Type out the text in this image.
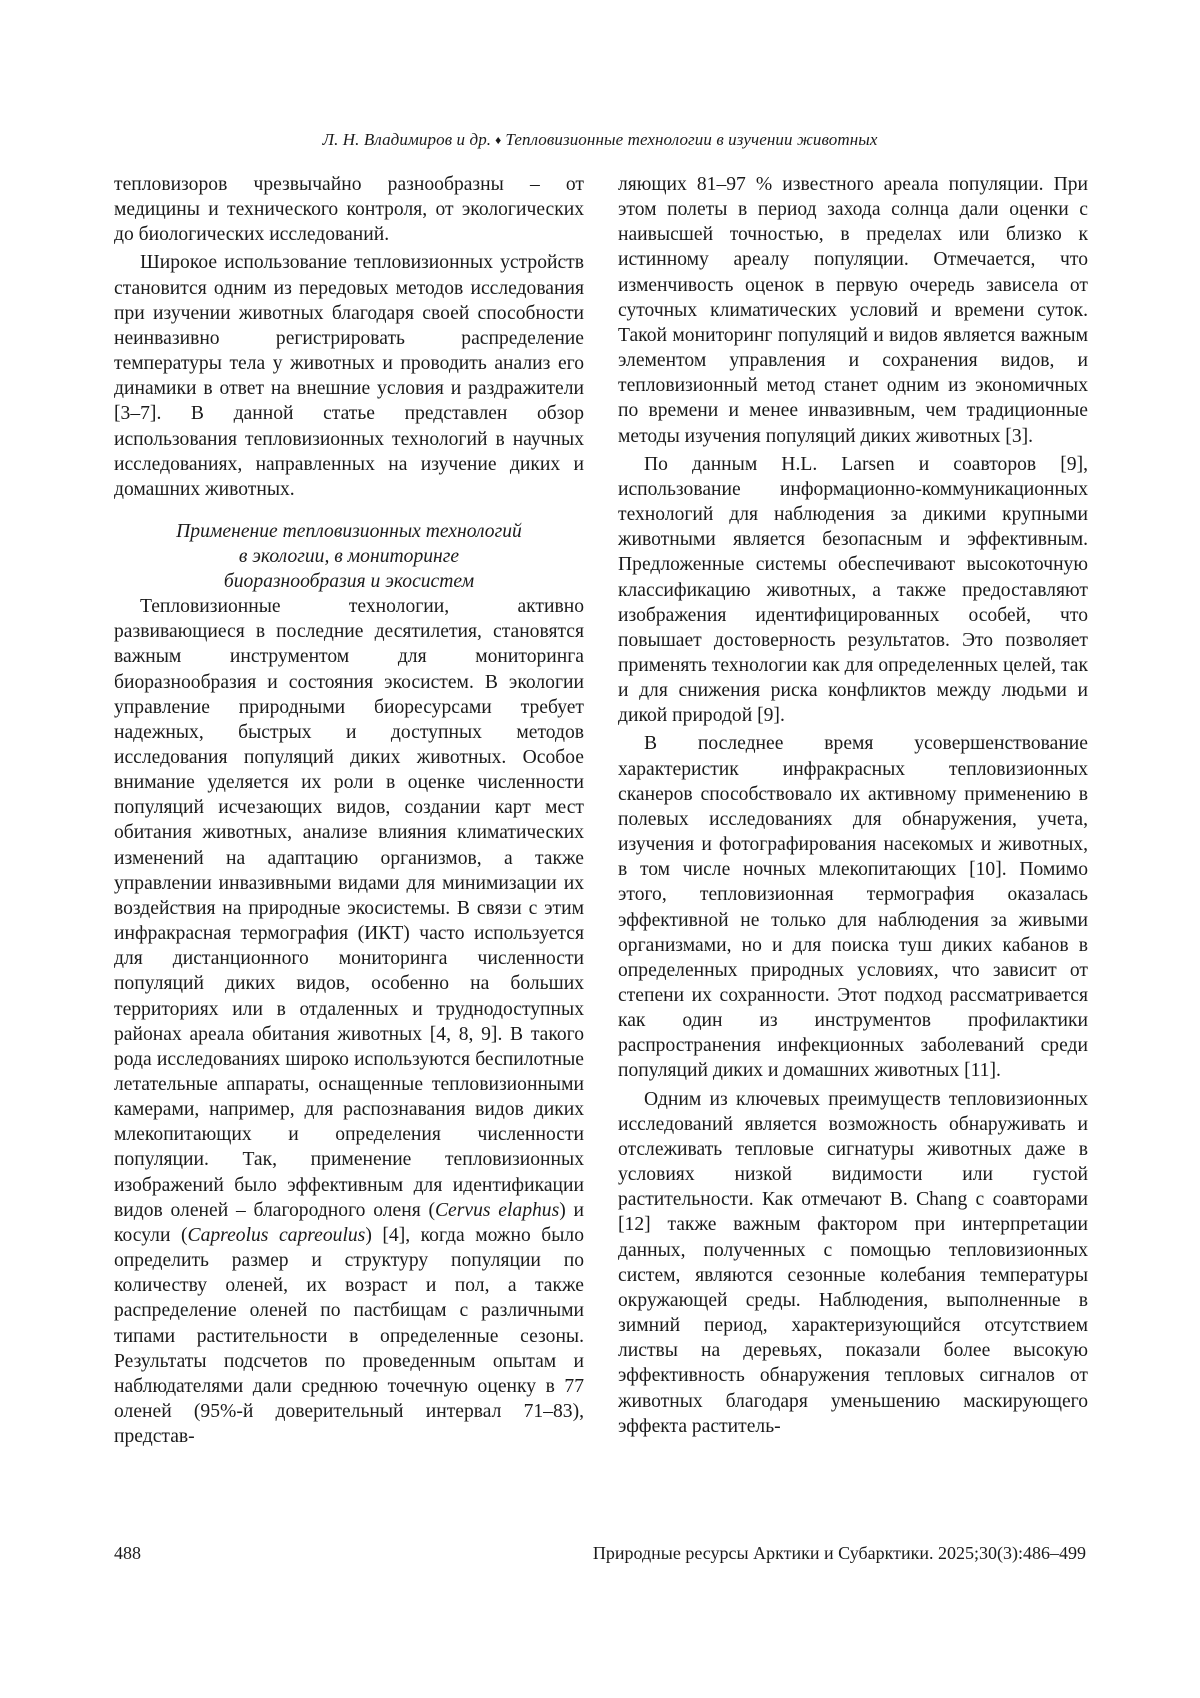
Л. Н. Владимиров и др. ♦ Тепловизионные технологии в изучении животных

тепловизоров чрезвычайно разнообразны – от медицины и технического контроля, от экологических до биологических исследований.

Широкое использование тепловизионных устройств становится одним из передовых методов исследования при изучении животных благодаря своей способности неинвазивно регистрировать распределение температуры тела у животных и проводить анализ его динамики в ответ на внешние условия и раздражители [3–7]. В данной статье представлен обзор использования тепловизионных технологий в научных исследованиях, направленных на изучение диких и домашних животных.

Применение тепловизионных технологий
в экологии, в мониторинге
биоразнообразия и экосистем

Тепловизионные технологии, активно развивающиеся в последние десятилетия, становятся важным инструментом для мониторинга биоразнообразия и состояния экосистем. В экологии управление природными биоресурсами требует надежных, быстрых и доступных методов исследования популяций диких животных. Особое внимание уделяется их роли в оценке численности популяций исчезающих видов, создании карт мест обитания животных, анализе влияния климатических изменений на адаптацию организмов, а также управлении инвазивными видами для минимизации их воздействия на природные экосистемы. В связи с этим инфракрасная термография (ИКТ) часто используется для дистанционного мониторинга численности популяций диких видов, особенно на больших территориях или в отдаленных и труднодоступных районах ареала обитания животных [4, 8, 9]. В такого рода исследованиях широко используются беспилотные летательные аппараты, оснащенные тепловизионными камерами, например, для распознавания видов диких млекопитающих и определения численности популяции. Так, применение тепловизионных изображений было эффективным для идентификации видов оленей – благородного оленя (Cervus elaphus) и косули (Capreolus capreoulus) [4], когда можно было определить размер и структуру популяции по количеству оленей, их возраст и пол, а также распределение оленей по пастбищам с различными типами растительности в определенные сезоны. Результаты подсчетов по проведенным опытам и наблюдателями дали среднюю точечную оценку в 77 оленей (95%-й доверительный интервал 71–83), представ-

ляющих 81–97 % известного ареала популяции. При этом полеты в период захода солнца дали оценки с наивысшей точностью, в пределах или близко к истинному ареалу популяции. Отмечается, что изменчивость оценок в первую очередь зависела от суточных климатических условий и времени суток. Такой мониторинг популяций и видов является важным элементом управления и сохранения видов, и тепловизионный метод станет одним из экономичных по времени и менее инвазивным, чем традиционные методы изучения популяций диких животных [3].

По данным H.L. Larsen и соавторов [9], использование информационно-коммуникационных технологий для наблюдения за дикими крупными животными является безопасным и эффективным. Предложенные системы обеспечивают высокоточную классификацию животных, а также предоставляют изображения идентифицированных особей, что повышает достоверность результатов. Это позволяет применять технологии как для определенных целей, так и для снижения риска конфликтов между людьми и дикой природой [9].

В последнее время усовершенствование характеристик инфракрасных тепловизионных сканеров способствовало их активному применению в полевых исследованиях для обнаружения, учета, изучения и фотографирования насекомых и животных, в том числе ночных млекопитающих [10]. Помимо этого, тепловизионная термография оказалась эффективной не только для наблюдения за живыми организмами, но и для поиска туш диких кабанов в определенных природных условиях, что зависит от степени их сохранности. Этот подход рассматривается как один из инструментов профилактики распространения инфекционных заболеваний среди популяций диких и домашних животных [11].

Одним из ключевых преимуществ тепловизионных исследований является возможность обнаруживать и отслеживать тепловые сигнатуры животных даже в условиях низкой видимости или густой растительности. Как отмечают B. Chang с соавторами [12] также важным фактором при интерпретации данных, полученных с помощью тепловизионных систем, являются сезонные колебания температуры окружающей среды. Наблюдения, выполненные в зимний период, характеризующийся отсутствием листвы на деревьях, показали более высокую эффективность обнаружения тепловых сигналов от животных благодаря уменьшению маскирующего эффекта раститель-

488	Природные ресурсы Арктики и Субарктики. 2025;30(3):486–499
